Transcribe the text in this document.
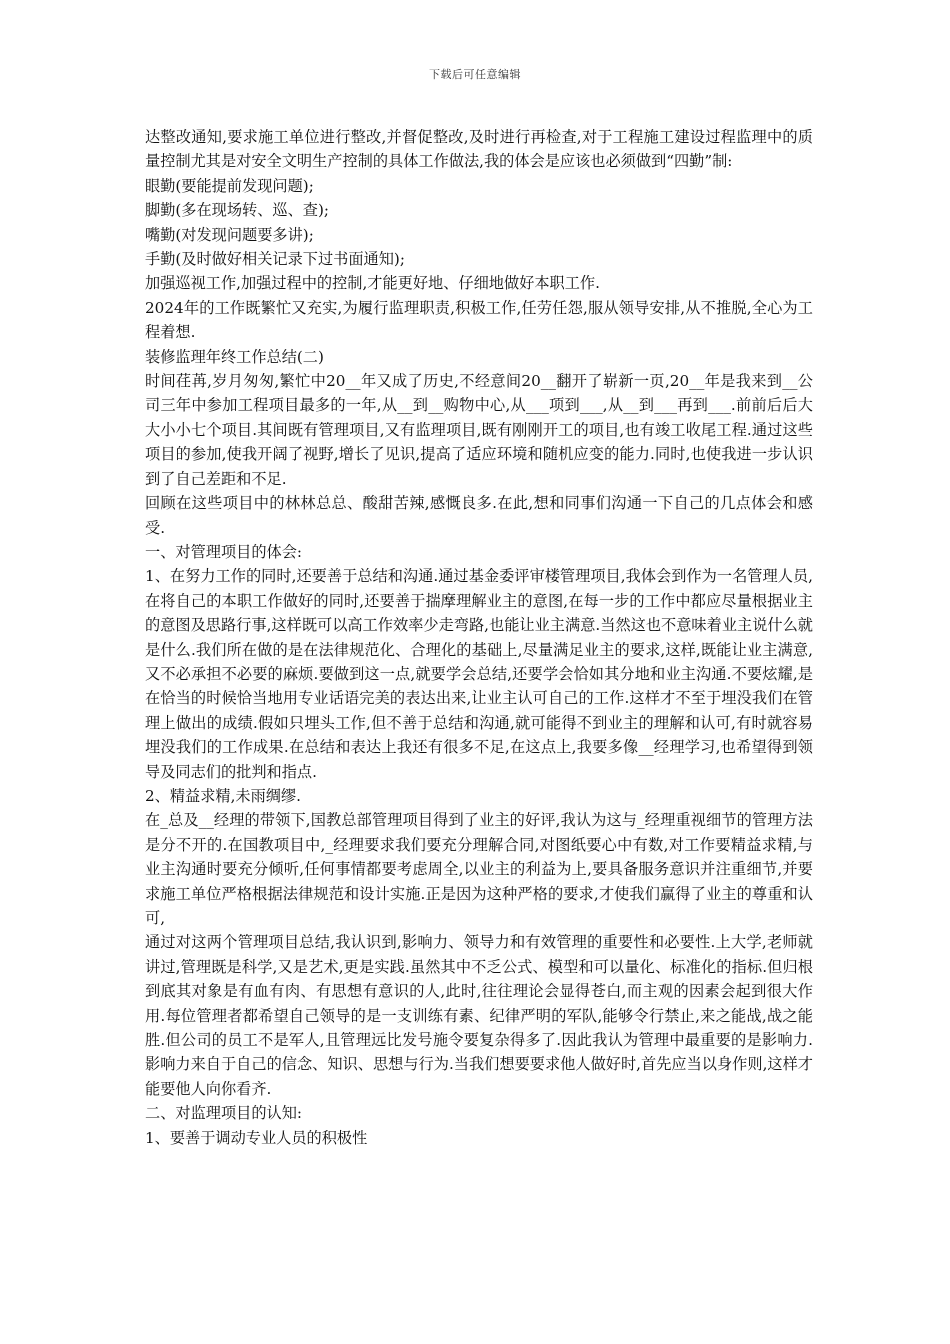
下载后可任意编辑

达整改通知,要求施工单位进行整改,并督促整改,及时进行再检查,对于工程施工建设过程监理中的质量控制尤其是对安全文明生产控制的具体工作做法,我的体会是应该也必须做到“四勤”制:

眼勤(要能提前发现问题);

脚勤(多在现场转、巡、查);

嘴勤(对发现问题要多讲);

手勤(及时做好相关记录下过书面通知);

加强巡视工作,加强过程中的控制,才能更好地、仔细地做好本职工作.

2024年的工作既繁忙又充实,为履行监理职责,积极工作,任劳任怨,服从领导安排,从不推脱,全心为工程着想.

装修监理年终工作总结(二)

时间荏苒,岁月匆匆,繁忙中20__年又成了历史,不经意间20__翻开了崭新一页,20__年是我来到__公司三年中参加工程项目最多的一年,从__到__购物中心,从___项到___,从__到___再到___.前前后后大大小小七个项目.其间既有管理项目,又有监理项目,既有刚刚开工的项目,也有竣工收尾工程.通过这些项目的参加,使我开阔了视野,增长了见识,提高了适应环境和随机应变的能力.同时,也使我进一步认识到了自己差距和不足.

回顾在这些项目中的林林总总、酸甜苦辣,感慨良多.在此,想和同事们沟通一下自己的几点体会和感受.

一、对管理项目的体会:

1、在努力工作的同时,还要善于总结和沟通.通过基金委评审楼管理项目,我体会到作为一名管理人员,在将自己的本职工作做好的同时,还要善于揣摩理解业主的意图,在每一步的工作中都应尽量根据业主的意图及思路行事,这样既可以高工作效率少走弯路,也能让业主满意.当然这也不意味着业主说什么就是什么.我们所在做的是在法律规范化、合理化的基础上,尽量满足业主的要求,这样,既能让业主满意,又不必承担不必要的麻烦.要做到这一点,就要学会总结,还要学会恰如其分地和业主沟通.不要炫耀,是在恰当的时候恰当地用专业话语完美的表达出来,让业主认可自己的工作.这样才不至于埋没我们在管理上做出的成绩.假如只埋头工作,但不善于总结和沟通,就可能得不到业主的理解和认可,有时就容易埋没我们的工作成果.在总结和表达上我还有很多不足,在这点上,我要多像__经理学习,也希望得到领导及同志们的批判和指点.

2、精益求精,未雨绸缪.

在_总及__经理的带领下,国教总部管理项目得到了业主的好评,我认为这与_经理重视细节的管理方法是分不开的.在国教项目中,_经理要求我们要充分理解合同,对图纸要心中有数,对工作要精益求精,与业主沟通时要充分倾听,任何事情都要考虑周全,以业主的利益为上,要具备服务意识并注重细节,并要求施工单位严格根据法律规范和设计实施.正是因为这种严格的要求,才使我们赢得了业主的尊重和认可,

通过对这两个管理项目总结,我认识到,影响力、领导力和有效管理的重要性和必要性.上大学,老师就讲过,管理既是科学,又是艺术,更是实践.虽然其中不乏公式、模型和可以量化、标准化的指标.但归根到底其对象是有血有肉、有思想有意识的人,此时,往往理论会显得苍白,而主观的因素会起到很大作用.每位管理者都希望自己领导的是一支训练有素、纪律严明的军队,能够令行禁止,来之能战,战之能胜.但公司的员工不是军人,且管理远比发号施令要复杂得多了.因此我认为管理中最重要的是影响力.影响力来自于自己的信念、知识、思想与行为.当我们想要要求他人做好时,首先应当以身作则,这样才能要他人向你看齐.

二、对监理项目的认知:

1、要善于调动专业人员的积极性
